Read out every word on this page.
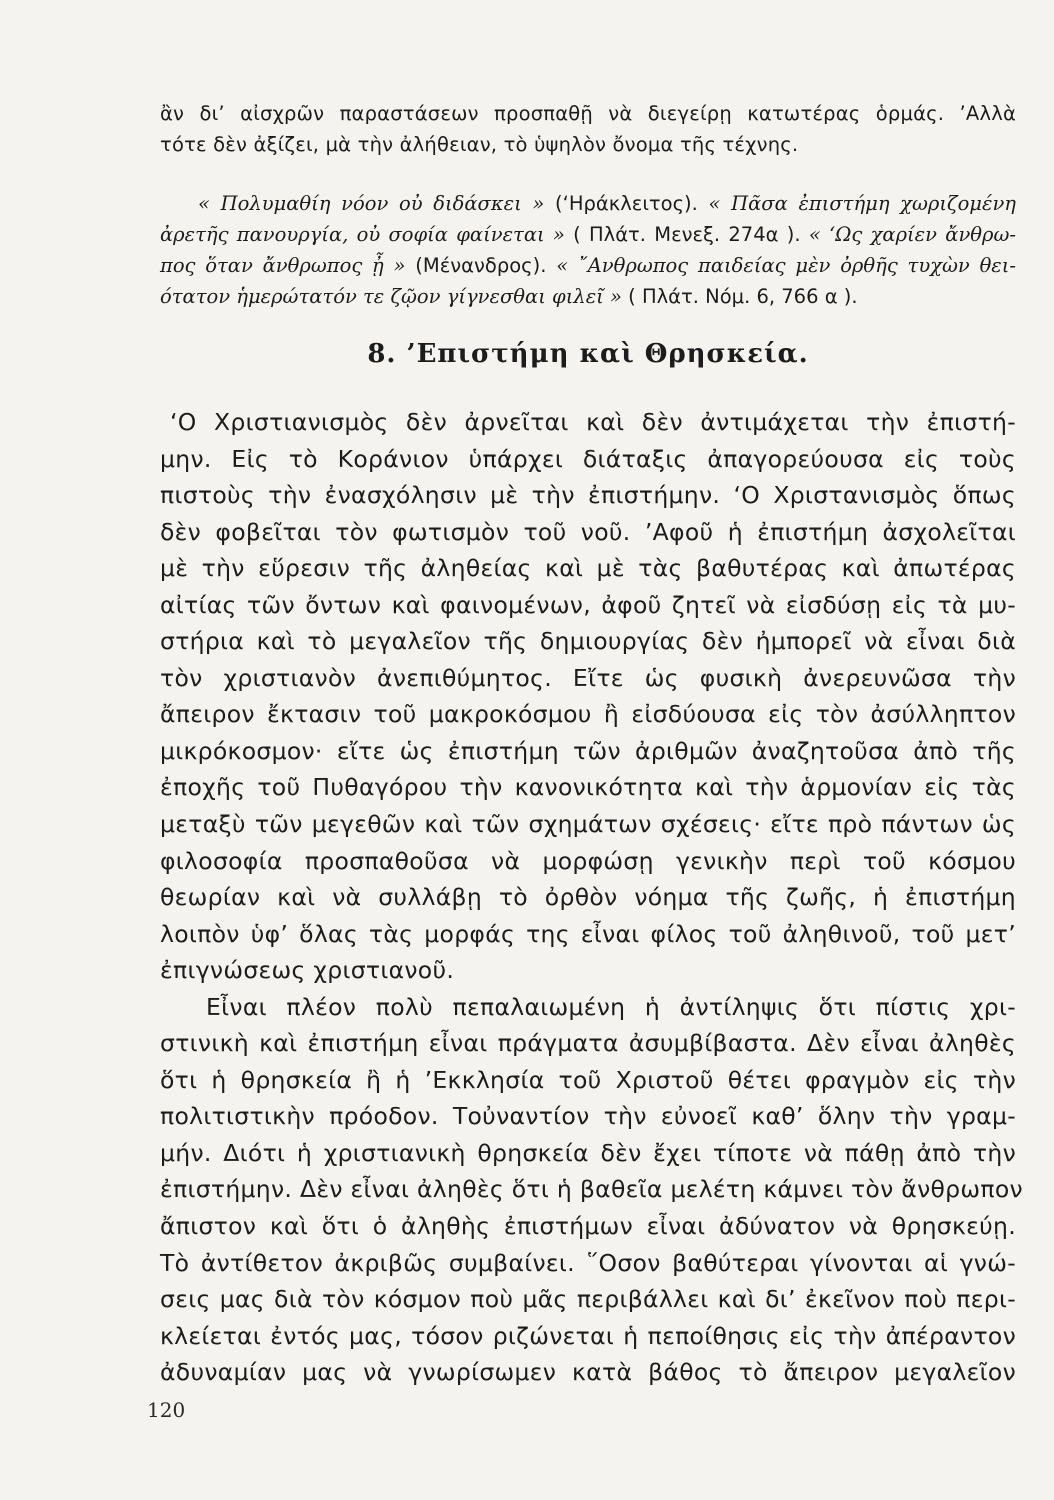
ἂν δι’ αἰσχρῶν παραστάσεων προσπαθῇ νὰ διεγείρῃ κατωτέρας ὁρμάς. ’Αλλὰ
τότε δὲν ἀξίζει, μὰ τὴν ἀλήθειαν, τὸ ὑψηλὸν ὄνομα τῆς τέχνης.
« Πολυμαθίη νόον οὐ διδάσκει » (‘Ηράκλειτος). « Πᾶσα ἐπιστήμη χωριζομένη
ἀρετῆς πανουργία, οὐ σοφία φαίνεται » ( Πλάτ. Μενεξ. 274α ). « ‘Ως χαρίεν ἄνθρω-
πος ὅταν ἄνθρωπος ᾖ » (Μένανδρος). « ῎Ανθρωπος παιδείας μὲν ὀρθῆς τυχὼν θει-
ότατον ἡμερώτατόν τε ζῷον γίγνεσθαι φιλεῖ » ( Πλάτ. Νόμ. 6, 766 α ).
8. ’Επιστήμη καὶ Θρησκεία.
‘Ο Χριστιανισμὸς δὲν ἀρνεῖται καὶ δὲν ἀντιμάχεται τὴν ἐπιστή-
μην. Εἰς τὸ Κοράνιον ὑπάρχει διάταξις ἀπαγορεύουσα εἰς τοὺς
πιστοὺς τὴν ἐνασχόλησιν μὲ τὴν ἐπιστήμην. ‘Ο Χριστανισμὸς ὅπως
δὲν φοβεῖται τὸν φωτισμὸν τοῦ νοῦ. ’Αφοῦ ἡ ἐπιστήμη ἀσχολεῖται
μὲ τὴν εὕρεσιν τῆς ἀληθείας καὶ μὲ τὰς βαθυτέρας καὶ ἀπωτέρας
αἰτίας τῶν ὄντων καὶ φαινομένων, ἀφοῦ ζητεῖ νὰ εἰσδύσῃ εἰς τὰ μυ-
στήρια καὶ τὸ μεγαλεῖον τῆς δημιουργίας δὲν ἠμπορεῖ νὰ εἶναι διὰ
τὸν χριστιανὸν ἀνεπιθύμητος. Εἴτε ὡς φυσικὴ ἀνερευνῶσα τὴν
ἄπειρον ἔκτασιν τοῦ μακροκόσμου ἢ εἰσδύουσα εἰς τὸν ἀσύλληπτον
μικρόκοσμον· εἴτε ὡς ἐπιστήμη τῶν ἀριθμῶν ἀναζητοῦσα ἀπὸ τῆς
ἐποχῆς τοῦ Πυθαγόρου τὴν κανονικότητα καὶ τὴν ἁρμονίαν εἰς τὰς
μεταξὺ τῶν μεγεθῶν καὶ τῶν σχημάτων σχέσεις· εἴτε πρὸ πάντων ὡς
φιλοσοφία προσπαθοῦσα νὰ μορφώσῃ γενικὴν περὶ τοῦ κόσμου
θεωρίαν καὶ νὰ συλλάβῃ τὸ ὀρθὸν νόημα τῆς ζωῆς, ἡ ἐπιστήμη
λοιπὸν ὑφ’ ὅλας τὰς μορφάς της εἶναι φίλος τοῦ ἀληθινοῦ, τοῦ μετ’
ἐπιγνώσεως χριστιανοῦ.
Εἶναι πλέον πολὺ πεπαλαιωμένη ἡ ἀντίληψις ὅτι πίστις χρι-
στινικὴ καὶ ἐπιστήμη εἶναι πράγματα ἀσυμβίβαστα. Δὲν εἶναι ἀληθὲς
ὅτι ἡ θρησκεία ἢ ἡ ’Εκκλησία τοῦ Χριστοῦ θέτει φραγμὸν εἰς τὴν
πολιτιστικὴν πρόοδον. Τοὐναντίον τὴν εὐνοεῖ καθ’ ὅλην τὴν γραμ-
μήν. Διότι ἡ χριστιανικὴ θρησκεία δὲν ἔχει τίποτε νὰ πάθῃ ἀπὸ τὴν
ἐπιστήμην. Δὲν εἶναι ἀληθὲς ὅτι ἡ βαθεῖα μελέτη κάμνει τὸν ἄνθρωπον
ἄπιστον καὶ ὅτι ὁ ἀληθὴς ἐπιστήμων εἶναι ἀδύνατον νὰ θρησκεύῃ.
Τὸ ἀντίθετον ἀκριβῶς συμβαίνει. ῞Οσον βαθύτεραι γίνονται αἱ γνώ-
σεις μας διὰ τὸν κόσμον ποὺ μᾶς περιβάλλει καὶ δι’ ἐκεῖνον ποὺ περι-
κλείεται ἐντός μας, τόσον ριζώνεται ἡ πεποίθησις εἰς τὴν ἀπέραντον
ἀδυναμίαν μας νὰ γνωρίσωμεν κατὰ βάθος τὸ ἄπειρον μεγαλεῖον
120
